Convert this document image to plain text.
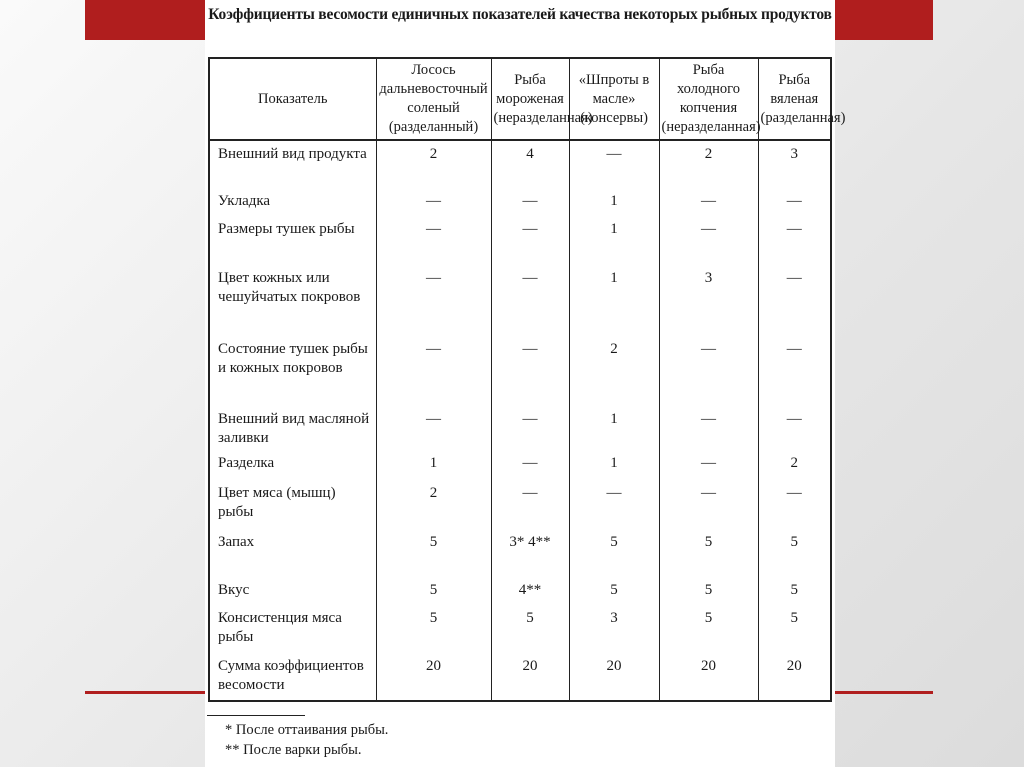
Коэффициенты весомости единичных показателей качества некоторых рыбных продуктов
Показатель	Лосось дальневосточный соленый (разделанный)	Рыба мороженая (неразделанная)	«Шпроты в масле» (консервы)	Рыба холодного копчения (неразделанная)	Рыба вяленая (разделанная)
Внешний вид продукта	2	4	—	2	3
Укладка	—	—	1	—	—
Размеры тушек рыбы	—	—	1	—	—
Цвет кожных или чешуйчатых покровов	—	—	1	3	—
Состояние тушек рыбы и кожных покровов	—	—	2	—	—
Внешний вид масляной заливки	—	—	1	—	—
Разделка	1	—	1	—	2
Цвет мяса (мышц) рыбы	2	—	—	—	—
Запах	5	3* 4**	5	5	5
Вкус	5	4**	5	5	5
Консистенция мяса рыбы	5	5	3	5	5
Сумма коэффициентов весомости	20	20	20	20	20
* После оттаивания рыбы.
** После варки рыбы.
